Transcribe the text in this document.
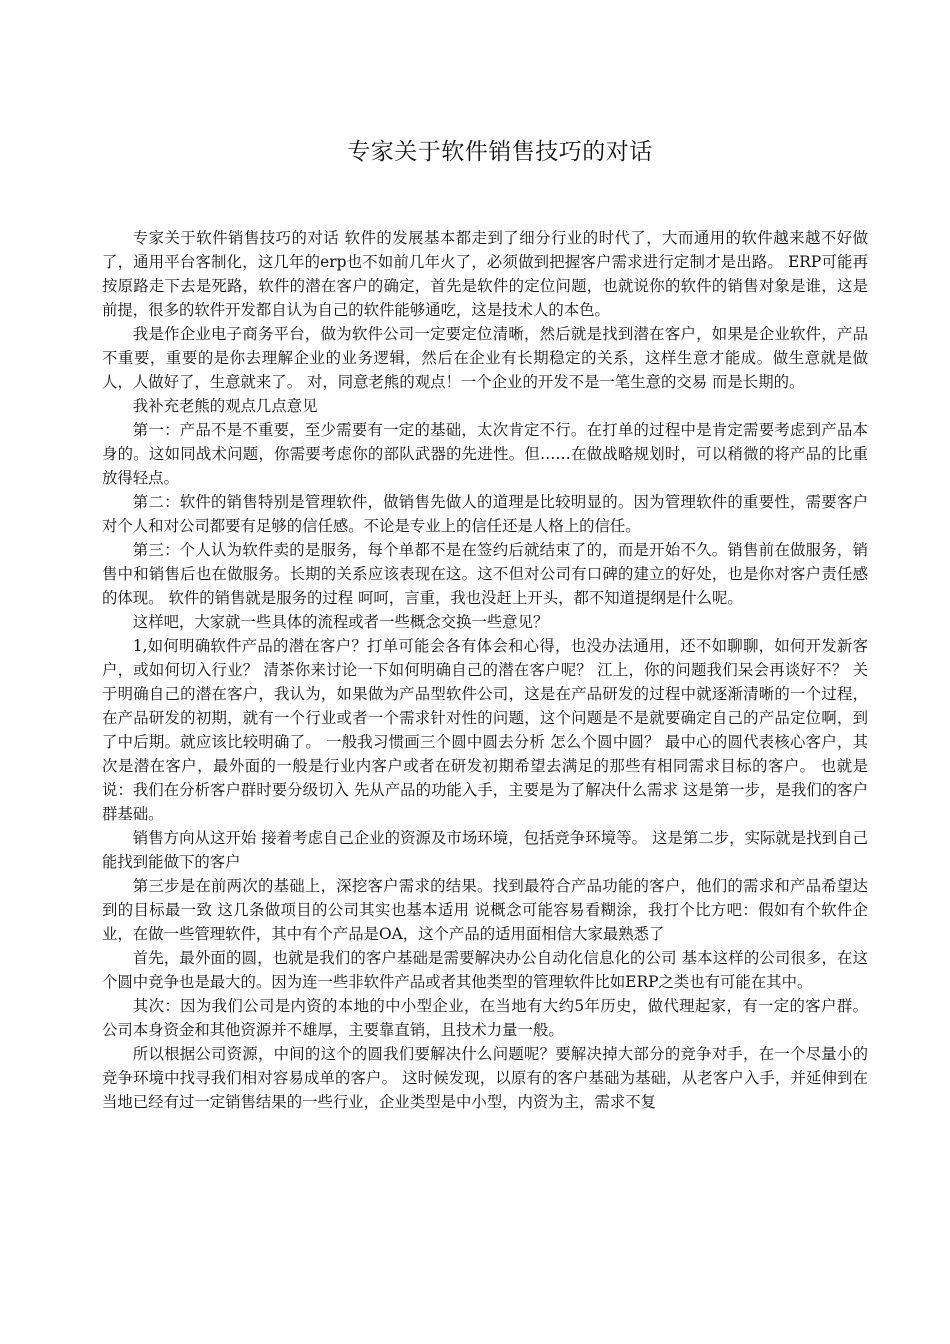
专家关于软件销售技巧的对话

专家关于软件销售技巧的对话 软件的发展基本都走到了细分行业的时代了，大而通用的软件越来越不好做了，通用平台客制化，这几年的erp也不如前几年火了，必须做到把握客户需求进行定制才是出路。 ERP可能再按原路走下去是死路，软件的潜在客户的确定，首先是软件的定位问题，也就说你的软件的销售对象是谁，这是前提，很多的软件开发都自认为自己的软件能够通吃，这是技术人的本色。

我是作企业电子商务平台，做为软件公司一定要定位清晰，然后就是找到潜在客户，如果是企业软件，产品不重要，重要的是你去理解企业的业务逻辑，然后在企业有长期稳定的关系，这样生意才能成。做生意就是做人，人做好了，生意就来了。 对，同意老熊的观点！一个企业的开发不是一笔生意的交易 而是长期的。

我补充老熊的观点几点意见

第一：产品不是不重要，至少需要有一定的基础，太次肯定不行。在打单的过程中是肯定需要考虑到产品本身的。这如同战术问题，你需要考虑你的部队武器的先进性。但……在做战略规划时，可以稍微的将产品的比重放得轻点。

第二：软件的销售特别是管理软件，做销售先做人的道理是比较明显的。因为管理软件的重要性，需要客户对个人和对公司都要有足够的信任感。不论是专业上的信任还是人格上的信任。

第三：个人认为软件卖的是服务，每个单都不是在签约后就结束了的，而是开始不久。销售前在做服务，销售中和销售后也在做服务。长期的关系应该表现在这。这不但对公司有口碑的建立的好处，也是你对客户责任感的体现。 软件的销售就是服务的过程 呵呵，言重，我也没赶上开头，都不知道提纲是什么呢。

这样吧，大家就一些具体的流程或者一些概念交换一些意见？

1,如何明确软件产品的潜在客户？打单可能会各有体会和心得，也没办法通用，还不如聊聊，如何开发新客户，或如何切入行业？ 清茶你来讨论一下如何明确自己的潜在客户呢？ 江上，你的问题我们呆会再谈好不？ 关于明确自己的潜在客户，我认为，如果做为产品型软件公司，这是在产品研发的过程中就逐渐清晰的一个过程，在产品研发的初期，就有一个行业或者一个需求针对性的问题，这个问题是不是就要确定自己的产品定位啊，到了中后期。就应该比较明确了。 一般我习惯画三个圆中圆去分析 怎么个圆中圆？ 最中心的圆代表核心客户，其次是潜在客户，最外面的一般是行业内客户或者在研发初期希望去满足的那些有相同需求目标的客户。 也就是说：我们在分析客户群时要分级切入 先从产品的功能入手，主要是为了解决什么需求 这是第一步，是我们的客户群基础。

销售方向从这开始 接着考虑自己企业的资源及市场环境，包括竞争环境等。 这是第二步，实际就是找到自己能找到能做下的客户

第三步是在前两次的基础上，深挖客户需求的结果。找到最符合产品功能的客户，他们的需求和产品希望达到的目标最一致 这几条做项目的公司其实也基本适用 说概念可能容易看糊涂，我打个比方吧：假如有个软件企业，在做一些管理软件，其中有个产品是OA，这个产品的适用面相信大家最熟悉了

首先，最外面的圆，也就是我们的客户基础是需要解决办公自动化信息化的公司 基本这样的公司很多，在这个圆中竞争也是最大的。因为连一些非软件产品或者其他类型的管理软件比如ERP之类也有可能在其中。

其次：因为我们公司是内资的本地的中小型企业，在当地有大约5年历史，做代理起家，有一定的客户群。 公司本身资金和其他资源并不雄厚，主要靠直销，且技术力量一般。

所以根据公司资源，中间的这个的圆我们要解决什么问题呢？要解决掉大部分的竞争对手，在一个尽量小的竞争环境中找寻我们相对容易成单的客户。 这时候发现，以原有的客户基础为基础，从老客户入手，并延伸到在当地已经有过一定销售结果的一些行业，企业类型是中小型，内资为主，需求不复
